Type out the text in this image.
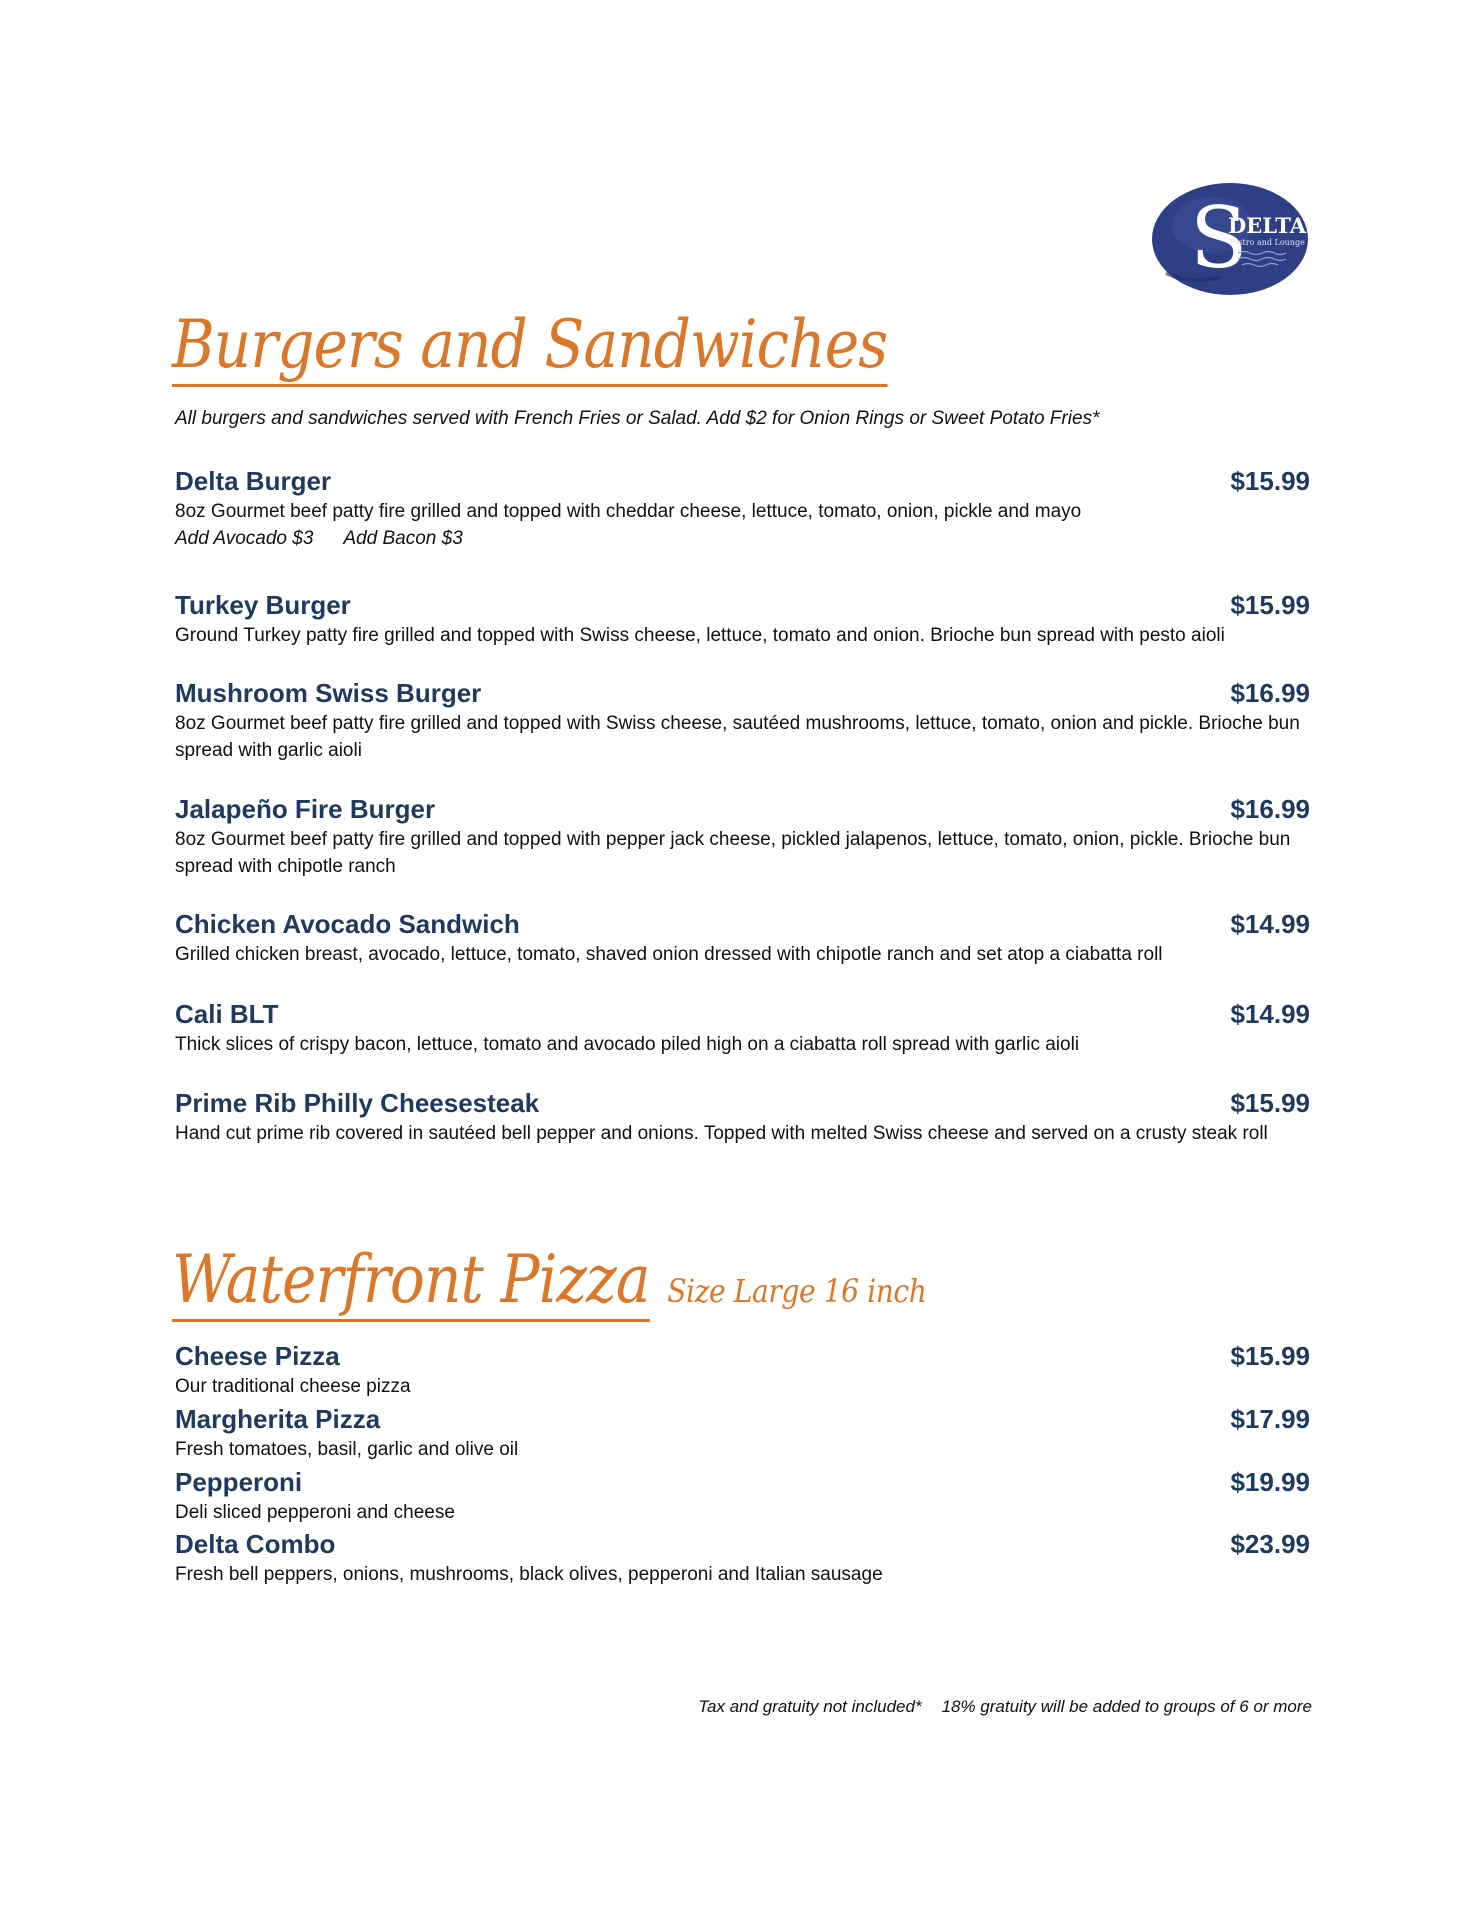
S
DELTA
Bistro and Lounge
Burgers and Sandwiches
All burgers and sandwiches served with French Fries or Salad. Add $2 for Onion Rings or Sweet Potato Fries*
Delta Burger	$15.99
8oz Gourmet beef patty fire grilled and topped with cheddar cheese, lettuce, tomato, onion, pickle and mayo
Add Avocado $3 Add Bacon $3
Turkey Burger	$15.99
Ground Turkey patty fire grilled and topped with Swiss cheese, lettuce, tomato and onion. Brioche bun spread with pesto aioli
Mushroom Swiss Burger	$16.99
8oz Gourmet beef patty fire grilled and topped with Swiss cheese, sautéed mushrooms, lettuce, tomato, onion and pickle. Brioche bun spread with garlic aioli
Jalapeño Fire Burger	$16.99
8oz Gourmet beef patty fire grilled and topped with pepper jack cheese, pickled jalapenos, lettuce, tomato, onion, pickle. Brioche bun spread with chipotle ranch
Chicken Avocado Sandwich	$14.99
Grilled chicken breast, avocado, lettuce, tomato, shaved onion dressed with chipotle ranch and set atop a ciabatta roll
Cali BLT	$14.99
Thick slices of crispy bacon, lettuce, tomato and avocado piled high on a ciabatta roll spread with garlic aioli
Prime Rib Philly Cheesesteak	$15.99
Hand cut prime rib covered in sautéed bell pepper and onions. Topped with melted Swiss cheese and served on a crusty steak roll
Waterfront Pizza Size Large 16 inch
Cheese Pizza	$15.99
Our traditional cheese pizza
Margherita Pizza	$17.99
Fresh tomatoes, basil, garlic and olive oil
Pepperoni	$19.99
Deli sliced pepperoni and cheese
Delta Combo	$23.99
Fresh bell peppers, onions, mushrooms, black olives, pepperoni and Italian sausage
Tax and gratuity not included* 18% gratuity will be added to groups of 6 or more
